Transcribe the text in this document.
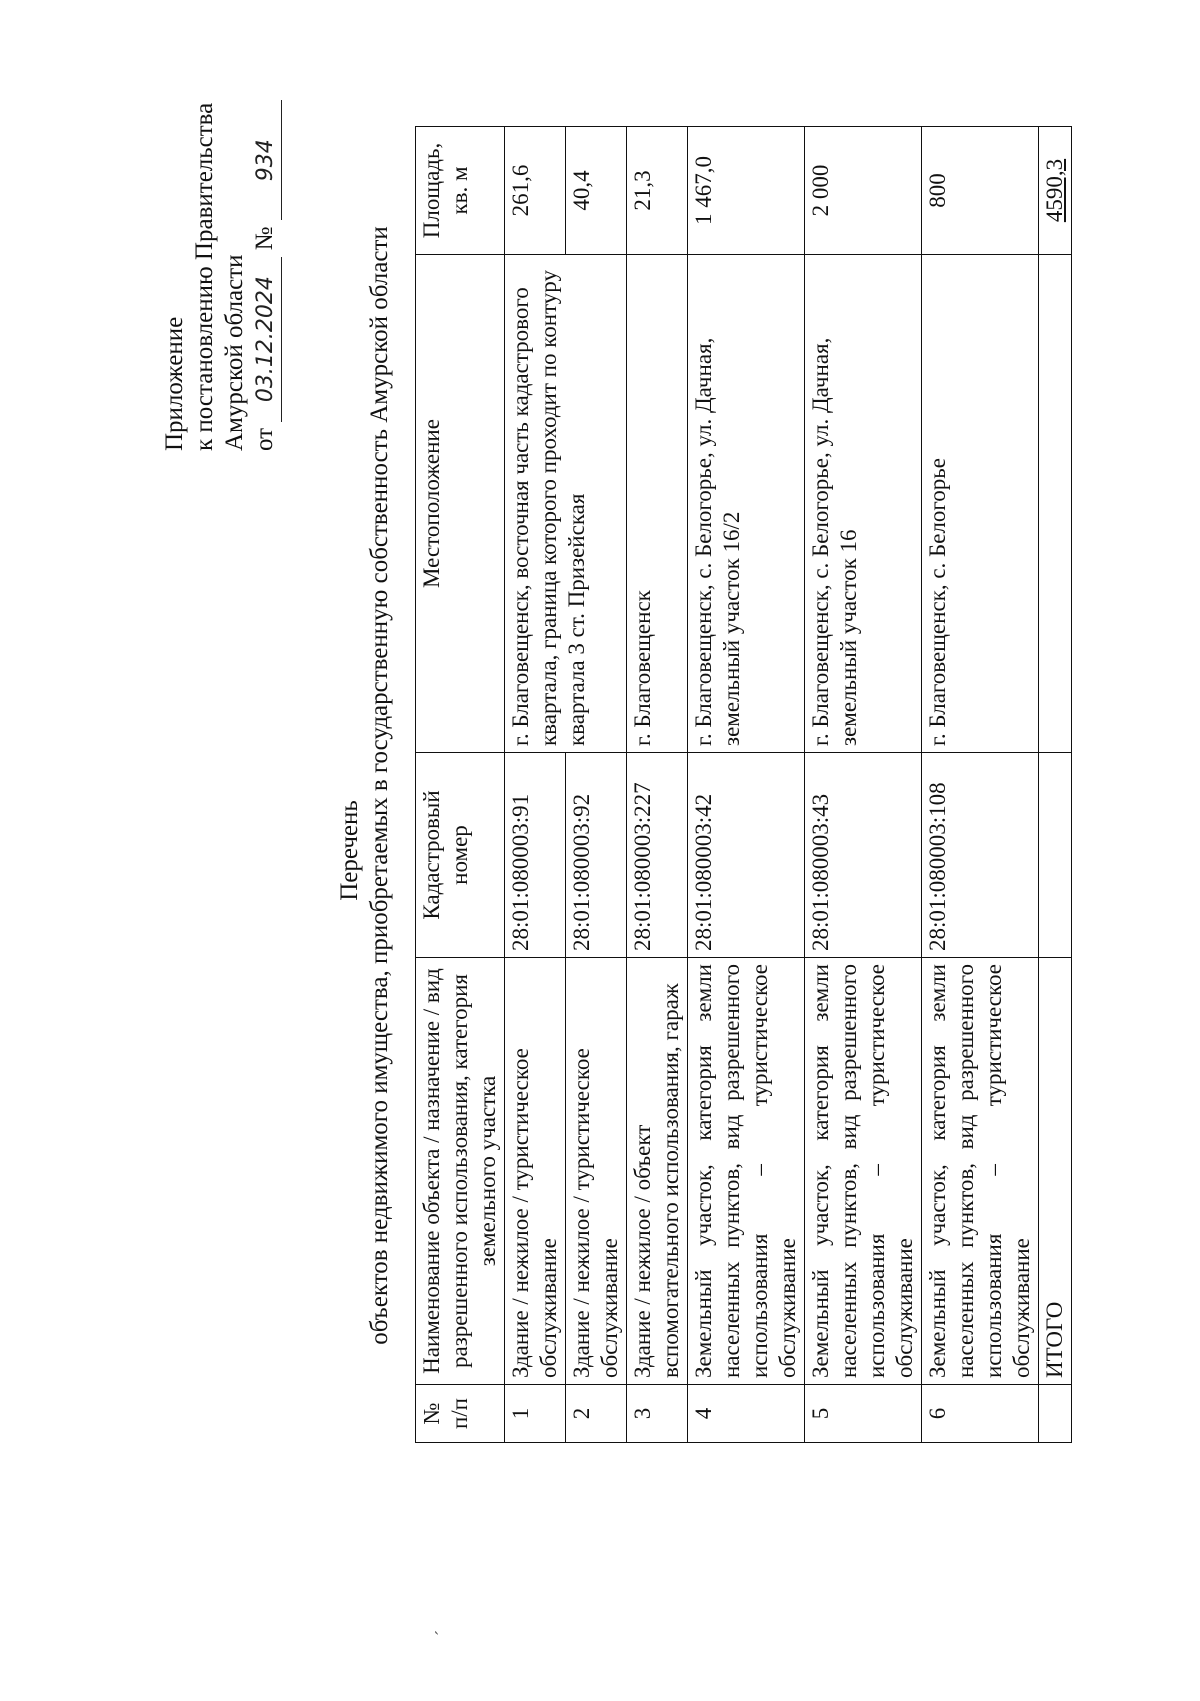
Приложение к постановлению Правительства Амурской области от 03.12.2024 № 934
Перечень объектов недвижимого имущества, приобретаемых в государственную собственность Амурской области
№ п/п	Наименование объекта / назначение / вид разрешенного использования, категория земельного участка	Кадастровый номер	Местоположение	Площадь, кв. м
1	Здание / нежилое / туристическое обслуживание	28:01:080003:91	г. Благовещенск, восточная часть кадастрового квартала, граница которого проходит по контуру квартала 3 ст. Призейская	261,6
2	Здание / нежилое / туристическое обслуживание	28:01:080003:92		40,4
3	Здание / нежилое / объект вспомогательного использования, гараж	28:01:080003:227	г. Благовещенск	21,3
4	Земельный участок, категория земли населенных пунктов, вид разрешенного использования – туристическое обслуживание	28:01:080003:42	г. Благовещенск, с. Белогорье, ул. Дачная, земельный участок 16/2	1 467,0
5	Земельный участок, категория земли населенных пунктов, вид разрешенного использования – туристическое обслуживание	28:01:080003:43	г. Благовещенск, с. Белогорье, ул. Дачная, земельный участок 16	2 000
6	Земельный участок, категория земли населенных пунктов, вид разрешенного использования – туристическое обслуживание	28:01:080003:108	г. Благовещенск, с. Белогорье	800
	ИТОГО			4590,3
´
